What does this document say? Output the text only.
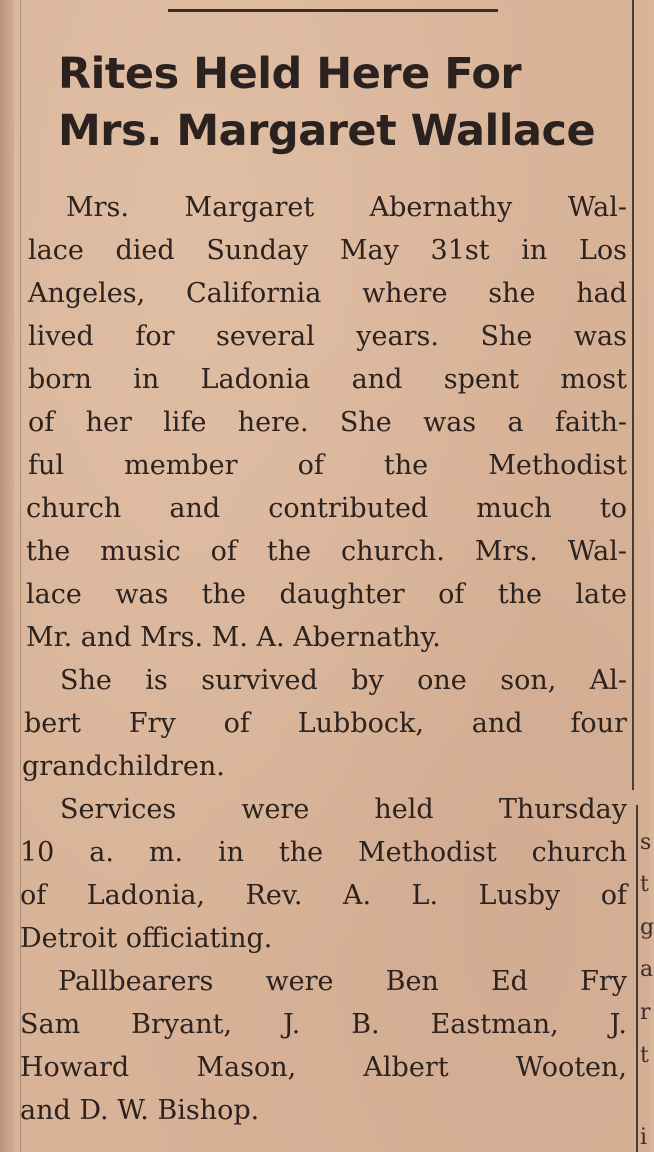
Rites Held Here For
Mrs. Margaret Wallace
Mrs. Margaret Abernathy Wal-
lace died Sunday May 31st in Los
Angeles, California where she had
lived for several years. She was
born in Ladonia and spent most
of her life here. She was a faith-
ful member of the Methodist
church and contributed much to
the music of the church. Mrs. Wal-
lace was the daughter of the late
Mr. and Mrs. M. A. Abernathy.
She is survived by one son, Al-
bert Fry of Lubbock, and four
grandchildren.
Services were held Thursday
10 a. m. in the Methodist church
of Ladonia, Rev. A. L. Lusby of
Detroit officiating.
Pallbearers were Ben Ed Fry
Sam Bryant, J. B. Eastman, J.
Howard Mason, Albert Wooten,
and D. W. Bishop.
s
t
g
a
r
t
i
